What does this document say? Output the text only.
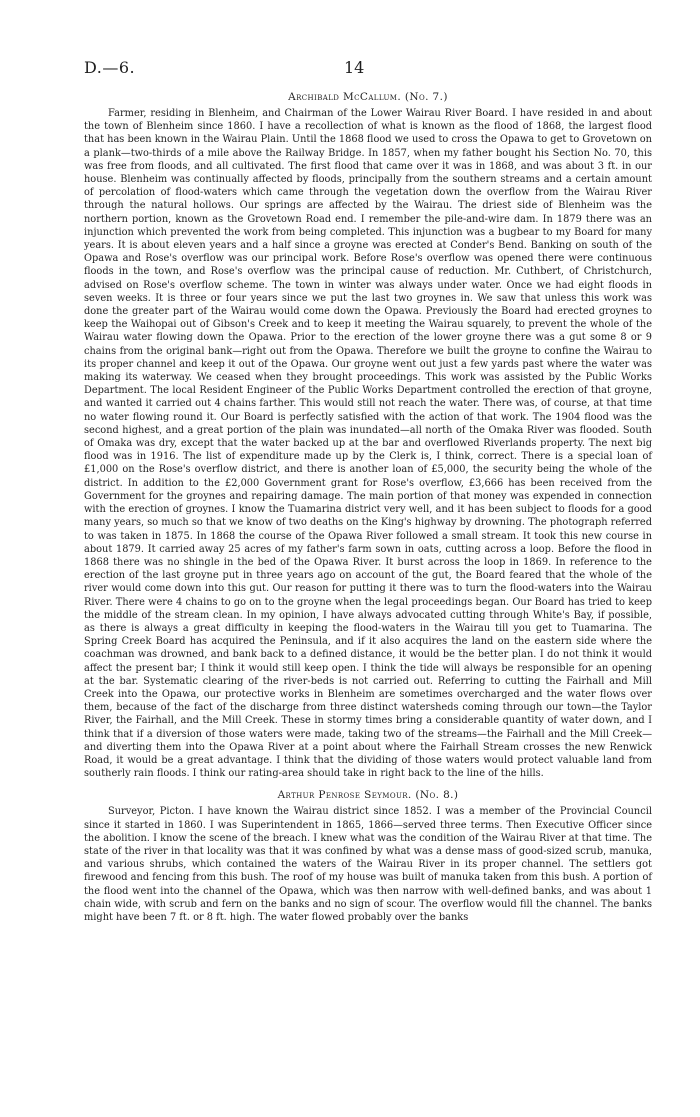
D.—6.	14
Archibald McCallum. (No. 7.)

Farmer, residing in Blenheim, and Chairman of the Lower Wairau River Board. I have resided in and about the town of Blenheim since 1860. I have a recollection of what is known as the flood of 1868, the largest flood that has been known in the Wairau Plain. Until the 1868 flood we used to cross the Opawa to get to Grovetown on a plank—two-thirds of a mile above the Railway Bridge. In 1857, when my father bought his Section No. 70, this was free from floods, and all cultivated. The first flood that came over it was in 1868, and was about 3 ft. in our house. Blenheim was continually affected by floods, principally from the southern streams and a certain amount of percolation of flood-waters which came through the vegetation down the overflow from the Wairau River through the natural hollows. Our springs are affected by the Wairau. The driest side of Blenheim was the northern portion, known as the Grovetown Road end. I remember the pile-and-wire dam. In 1879 there was an injunction which prevented the work from being completed. This injunction was a bugbear to my Board for many years. It is about eleven years and a half since a groyne was erected at Conder's Bend. Banking on south of the Opawa and Rose's overflow was our principal work. Before Rose's overflow was opened there were continuous floods in the town, and Rose's overflow was the principal cause of reduction. Mr. Cuthbert, of Christchurch, advised on Rose's overflow scheme. The town in winter was always under water. Once we had eight floods in seven weeks. It is three or four years since we put the last two groynes in. We saw that unless this work was done the greater part of the Wairau would come down the Opawa. Previously the Board had erected groynes to keep the Waihopai out of Gibson's Creek and to keep it meeting the Wairau squarely, to prevent the whole of the Wairau water flowing down the Opawa. Prior to the erection of the lower groyne there was a gut some 8 or 9 chains from the original bank—right out from the Opawa. Therefore we built the groyne to confine the Wairau to its proper channel and keep it out of the Opawa. Our groyne went out just a few yards past where the water was making its waterway. We ceased when they brought proceedings. This work was assisted by the Public Works Department. The local Resident Engineer of the Public Works Department controlled the erection of that groyne, and wanted it carried out 4 chains farther. This would still not reach the water. There was, of course, at that time no water flowing round it. Our Board is perfectly satisfied with the action of that work. The 1904 flood was the second highest, and a great portion of the plain was inundated—all north of the Omaka River was flooded. South of Omaka was dry, except that the water backed up at the bar and overflowed Riverlands property. The next big flood was in 1916. The list of expenditure made up by the Clerk is, I think, correct. There is a special loan of £1,000 on the Rose's overflow district, and there is another loan of £5,000, the security being the whole of the district. In addition to the £2,000 Government grant for Rose's overflow, £3,666 has been received from the Government for the groynes and repairing damage. The main portion of that money was expended in connection with the erection of groynes. I know the Tuamarina district very well, and it has been subject to floods for a good many years, so much so that we know of two deaths on the King's highway by drowning. The photograph referred to was taken in 1875. In 1868 the course of the Opawa River followed a small stream. It took this new course in about 1879. It carried away 25 acres of my father's farm sown in oats, cutting across a loop. Before the flood in 1868 there was no shingle in the bed of the Opawa River. It burst across the loop in 1869. In reference to the erection of the last groyne put in three years ago on account of the gut, the Board feared that the whole of the river would come down into this gut. Our reason for putting it there was to turn the flood-waters into the Wairau River. There were 4 chains to go on to the groyne when the legal proceedings began. Our Board has tried to keep the middle of the stream clean. In my opinion, I have always advocated cutting through White's Bay, if possible, as there is always a great difficulty in keeping the flood-waters in the Wairau till you get to Tuamarina. The Spring Creek Board has acquired the Peninsula, and if it also acquires the land on the eastern side where the coachman was drowned, and bank back to a defined distance, it would be the better plan. I do not think it would affect the present bar; I think it would still keep open. I think the tide will always be responsible for an opening at the bar. Systematic clearing of the river-beds is not carried out. Referring to cutting the Fairhall and Mill Creek into the Opawa, our protective works in Blenheim are sometimes overcharged and the water flows over them, because of the fact of the discharge from three distinct watersheds coming through our town—the Taylor River, the Fairhall, and the Mill Creek. These in stormy times bring a considerable quantity of water down, and I think that if a diversion of those waters were made, taking two of the streams—the Fairhall and the Mill Creek—and diverting them into the Opawa River at a point about where the Fairhall Stream crosses the new Renwick Road, it would be a great advantage. I think that the dividing of those waters would protect valuable land from southerly rain floods. I think our rating-area should take in right back to the line of the hills.

Arthur Penrose Seymour. (No. 8.)

Surveyor, Picton. I have known the Wairau district since 1852. I was a member of the Provincial Council since it started in 1860. I was Superintendent in 1865, 1866—served three terms. Then Executive Officer since the abolition. I know the scene of the breach. I knew what was the condition of the Wairau River at that time. The state of the river in that locality was that it was confined by what was a dense mass of good-sized scrub, manuka, and various shrubs, which contained the waters of the Wairau River in its proper channel. The settlers got firewood and fencing from this bush. The roof of my house was built of manuka taken from this bush. A portion of the flood went into the channel of the Opawa, which was then narrow with well-defined banks, and was about 1 chain wide, with scrub and fern on the banks and no sign of scour. The overflow would fill the channel. The banks might have been 7 ft. or 8 ft. high. The water flowed probably over the banks
